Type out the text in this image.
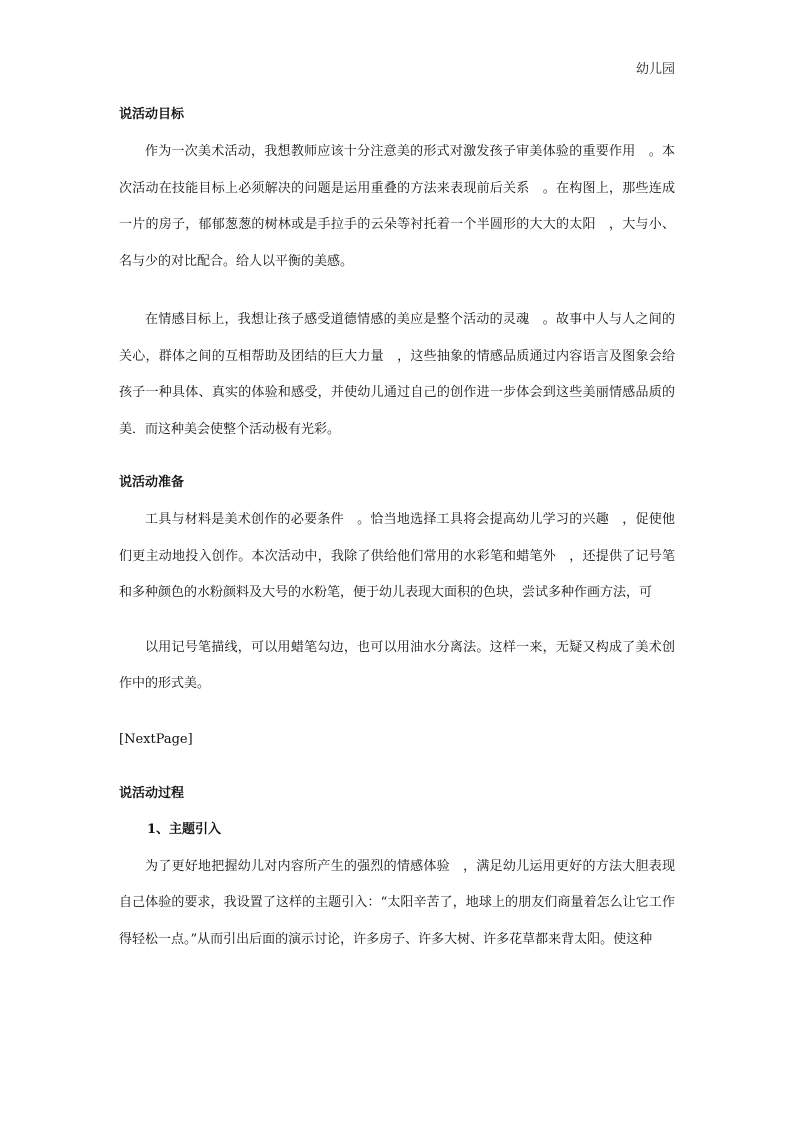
幼儿园
说活动目标

作为一次美术活动，我想教师应该十分注意美的形式对激发孩子审美体验的重要作用　。本次活动在技能目标上必须解决的问题是运用重叠的方法来表现前后关系　。在构图上，那些连成一片的房子，郁郁葱葱的树林或是手拉手的云朵等衬托着一个半圆形的大大的太阳　，大与小、名与少的对比配合。给人以平衡的美感。

在情感目标上，我想让孩子感受道德情感的美应是整个活动的灵魂　。故事中人与人之间的关心，群体之间的互相帮助及团结的巨大力量　，这些抽象的情感品质通过内容语言及图象会给孩子一种具体、真实的体验和感受，并使幼儿通过自己的创作进一步体会到这些美丽情感品质的美．而这种美会使整个活动极有光彩。

说活动准备

工具与材料是美术创作的必要条件　。恰当地选择工具将会提高幼儿学习的兴趣　，促使他们更主动地投入创作。本次活动中，我除了供给他们常用的水彩笔和蜡笔外　，还提供了记号笔和多种颜色的水粉颜料及大号的水粉笔，便于幼儿表现大面积的色块，尝试多种作画方法，可

以用记号笔描线，可以用蜡笔勾边，也可以用油水分离法。这样一来，无疑又构成了美术创作中的形式美。

[NextPage]

说活动过程

1、主题引入

为了更好地把握幼儿对内容所产生的强烈的情感体验　，满足幼儿运用更好的方法大胆表现自己体验的要求，我设置了这样的主题引入：“太阳辛苦了，地球上的朋友们商量着怎么让它工作得轻松一点。”从而引出后面的演示讨论，许多房子、许多大树、许多花草都来背太阳。使这种
